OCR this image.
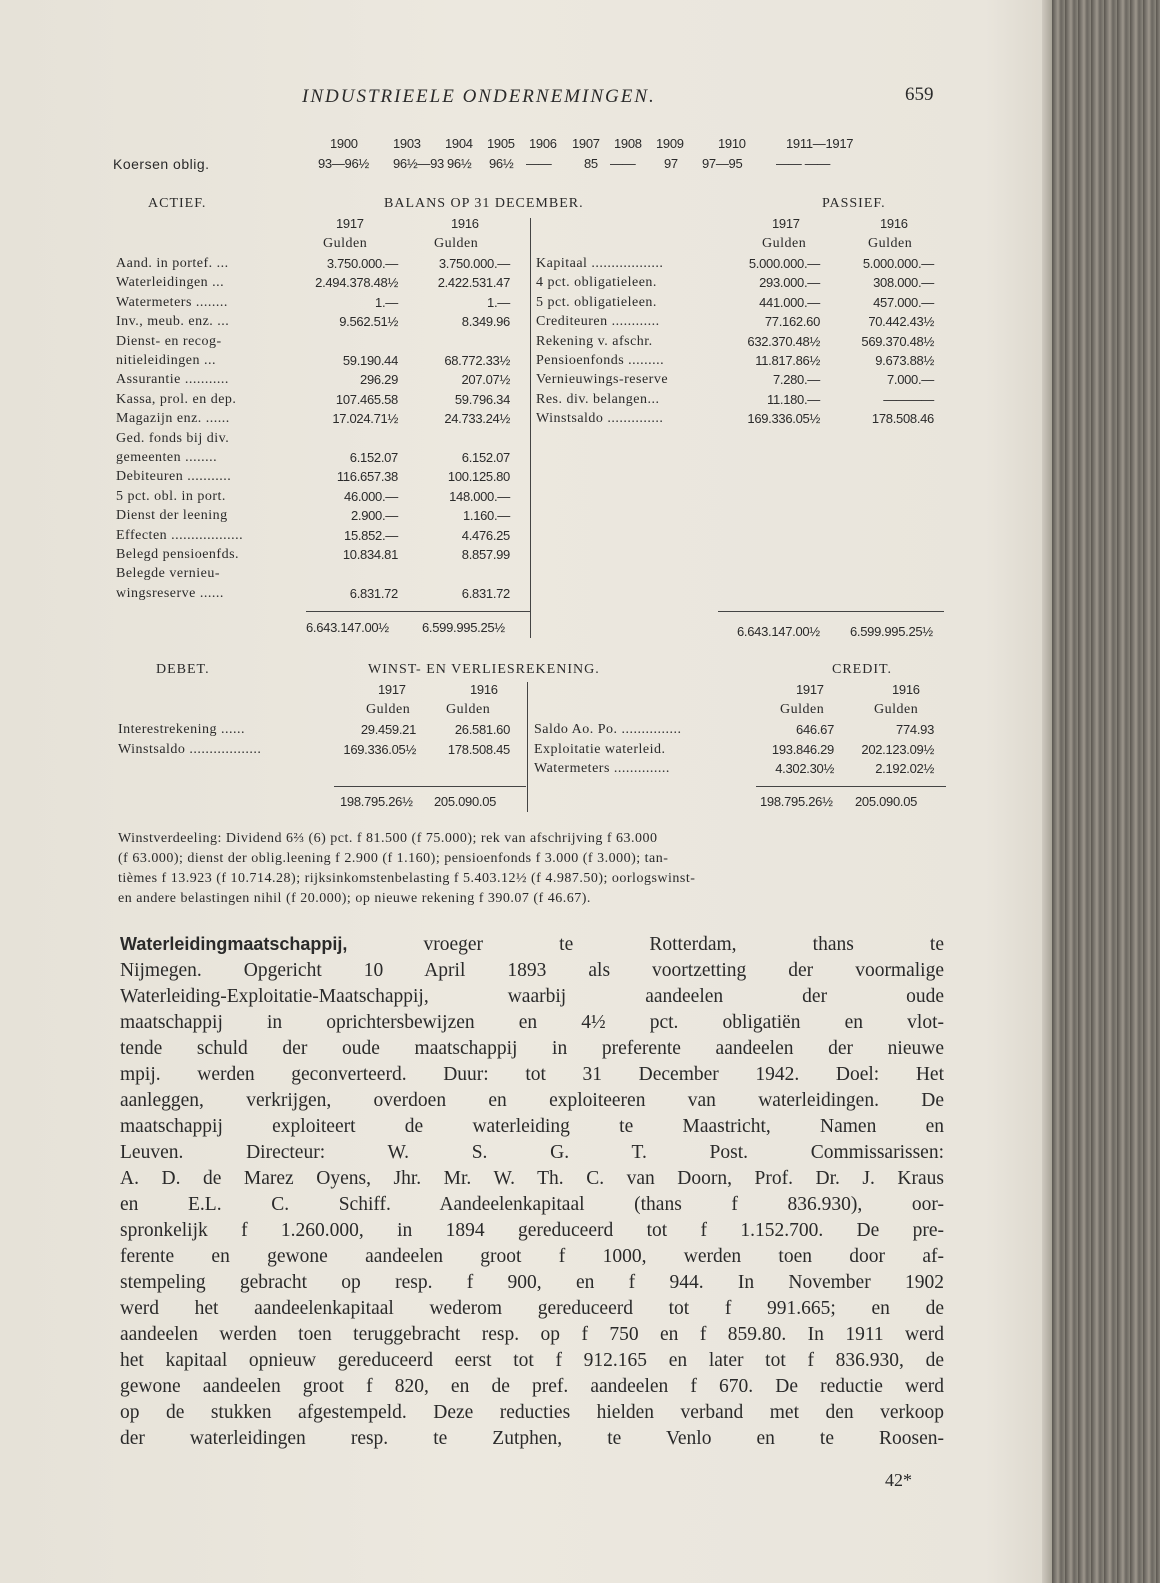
INDUSTRIEELE ONDERNEMINGEN.	659
1900	1903 1904 1905 1906 1907 1908 1909	1910	1911—1917
Koersen oblig.	93—96½ 96½—93 96½ 96½ ——	85 —— 97 97—95	—— ——
ACTIEF.	BALANS OP 31 DECEMBER.	PASSIEF.
1917	1916
Gulden	Gulden
1917	1916
Gulden	Gulden
Aand. in portef. ...	3.750.000.—	3.750.000.—
Waterleidingen ...	2.494.378.48½	2.422.531.47
Watermeters ........	1.—	1.—
Inv., meub. enz. ...	9.562.51½	8.349.96
Dienst- en recog-
nitieleidingen ...	59.190.44	68.772.33½
Assurantie ...........	296.29	207.07½
Kassa, prol. en dep.	107.465.58	59.796.34
Magazijn enz. ......	17.024.71½	24.733.24½
Ged. fonds bij div.
gemeenten ........	6.152.07	6.152.07
Debiteuren ...........	116.657.38	100.125.80
5 pct. obl. in port.	46.000.—	148.000.—
Dienst der leening	2.900.—	1.160.—
Effecten ..................	15.852.—	4.476.25
Belegd pensioenfds.	10.834.81	8.857.99
Belegde vernieu-
wingsreserve ......	6.831.72	6.831.72
Kapitaal ..................	5.000.000.—	5.000.000.—
4 pct. obligatieleen.	293.000.—	308.000.—
5 pct. obligatieleen.	441.000.—	457.000.—
Crediteuren ............	77.162.60	70.442.43½
Rekening v. afschr.	632.370.48½	569.370.48½
Pensioenfonds .........	11.817.86½	9.673.88½
Vernieuwings-reserve	7.280.—	7.000.—
Res. div. belangen...	11.180.—	————
Winstsaldo ..............	169.336.05½	178.508.46
6.643.147.00½	6.599.995.25½	6.643.147.00½ 6.599.995.25½
DEBET.	WINST- EN VERLIESREKENING.	CREDIT.
1917	1916
Gulden	Gulden
1917	1916
Gulden	Gulden
Interestrekening ......	29.459.21	26.581.60
Winstsaldo ..................	169.336.05½ 178.508.45
Saldo Ao. Po. ...............	646.67	774.93
Exploitatie waterleid.	193.846.29 202.123.09½
Watermeters ..............	4.302.30½	2.192.02½
198.795.26½ 205.090.05	198.795.26½ 205.090.05
Winstverdeeling: Dividend 6⅔ (6) pct. f 81.500 (f 75.000); rek van afschrijving f 63.000
(f 63.000); dienst der oblig.leening f 2.900 (f 1.160); pensioenfonds f 3.000 (f 3.000); tan-
tièmes f 13.923 (f 10.714.28); rijksinkomstenbelasting f 5.403.12½ (f 4.987.50); oorlogswinst-
en andere belastingen nihil (f 20.000); op nieuwe rekening f 390.07 (f 46.67).
Waterleidingmaatschappij, vroeger te Rotterdam, thans te
Nijmegen. Opgericht 10 April 1893 als voortzetting der voormalige
Waterleiding-Exploitatie-Maatschappij, waarbij aandeelen der oude
maatschappij in oprichtersbewijzen en 4½ pct. obligatiën en vlot-
tende schuld der oude maatschappij in preferente aandeelen der nieuwe
mpij. werden geconverteerd. Duur: tot 31 December 1942. Doel: Het
aanleggen, verkrijgen, overdoen en exploiteeren van waterleidingen. De
maatschappij exploiteert de waterleiding te Maastricht, Namen en
Leuven. Directeur: W. S. G. T. Post. Commissarissen:
A. D. de Marez Oyens, Jhr. Mr. W. Th. C. van Doorn, Prof. Dr. J. Kraus
en E.L. C. Schiff. Aandeelenkapitaal (thans f 836.930), oor-
spronkelijk f 1.260.000, in 1894 gereduceerd tot f 1.152.700. De pre-
ferente en gewone aandeelen groot f 1000, werden toen door af-
stempeling gebracht op resp. f 900, en f 944. In November 1902
werd het aandeelenkapitaal wederom gereduceerd tot f 991.665; en de
aandeelen werden toen teruggebracht resp. op f 750 en f 859.80. In 1911 werd
het kapitaal opnieuw gereduceerd eerst tot f 912.165 en later tot f 836.930, de
gewone aandeelen groot f 820, en de pref. aandeelen f 670. De reductie werd
op de stukken afgestempeld. Deze reducties hielden verband met den verkoop
der waterleidingen resp. te Zutphen, te Venlo en te Roosen-
42*
